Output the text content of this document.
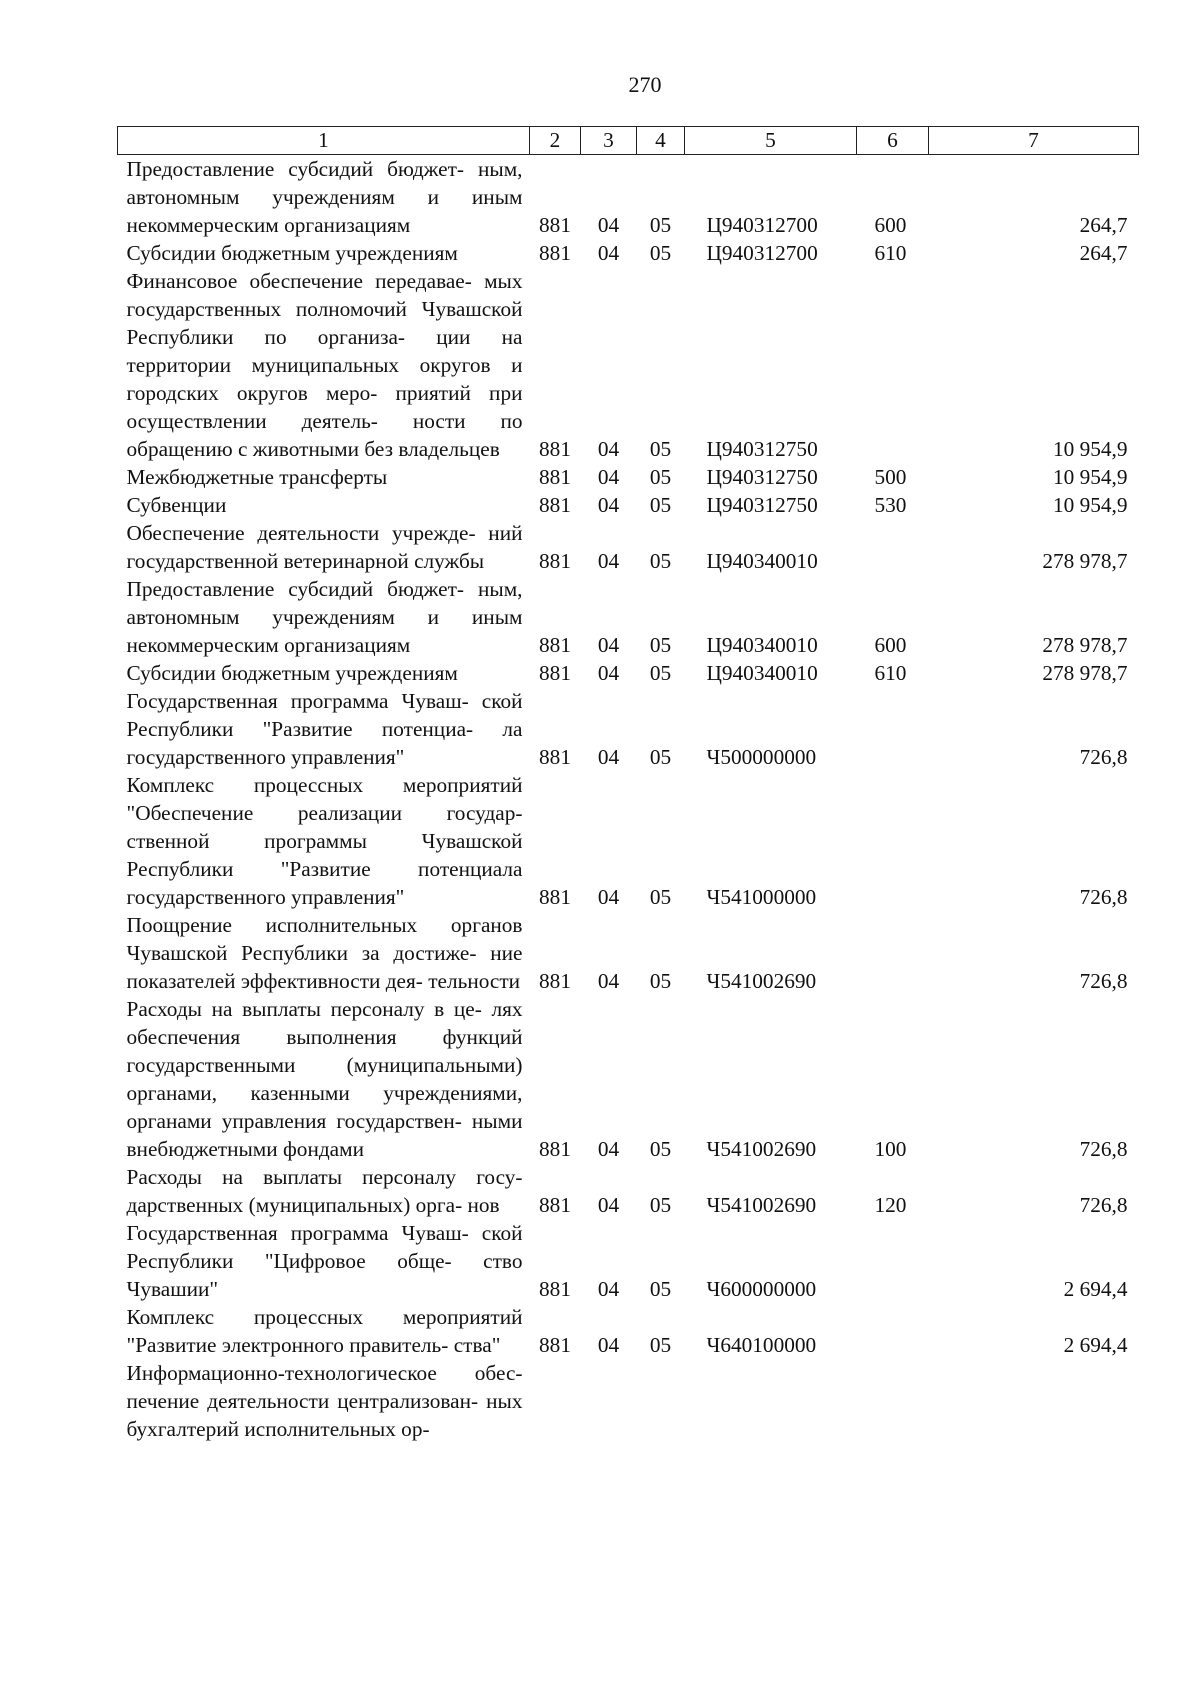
270
1	2	3	4	5	6	7
Предоставление субсидий бюджет- ным, автономным учреждениям и иным некоммерческим организациям	881	04	05	Ц940312700	600	264,7
Субсидии бюджетным учреждениям	881	04	05	Ц940312700	610	264,7
Финансовое обеспечение передавае- мых государственных полномочий Чувашской Республики по организа- ции на территории муниципальных округов и городских округов меро- приятий при осуществлении деятель- ности по обращению с животными без владельцев	881	04	05	Ц940312750		10 954,9
Межбюджетные трансферты	881	04	05	Ц940312750	500	10 954,9
Субвенции	881	04	05	Ц940312750	530	10 954,9
Обеспечение деятельности учрежде- ний государственной ветеринарной службы	881	04	05	Ц940340010		278 978,7
Предоставление субсидий бюджет- ным, автономным учреждениям и иным некоммерческим организациям	881	04	05	Ц940340010	600	278 978,7
Субсидии бюджетным учреждениям	881	04	05	Ц940340010	610	278 978,7
Государственная программа Чуваш- ской Республики "Развитие потенциа- ла государственного управления"	881	04	05	Ч500000000		726,8
Комплекс процессных мероприятий "Обеспечение реализации государ- ственной программы Чувашской Республики "Развитие потенциала государственного управления"	881	04	05	Ч541000000		726,8
Поощрение исполнительных органов Чувашской Республики за достиже- ние показателей эффективности дея- тельности	881	04	05	Ч541002690		726,8
Расходы на выплаты персоналу в це- лях обеспечения выполнения функций государственными (муниципальными) органами, казенными учреждениями, органами управления государствен- ными внебюджетными фондами	881	04	05	Ч541002690	100	726,8
Расходы на выплаты персоналу госу- дарственных (муниципальных) орга- нов	881	04	05	Ч541002690	120	726,8
Государственная программа Чуваш- ской Республики "Цифровое обще- ство Чувашии"	881	04	05	Ч600000000		2 694,4
Комплекс процессных мероприятий "Развитие электронного правитель- ства"	881	04	05	Ч640100000		2 694,4
Информационно-технологическое обес- печение деятельности централизован- ных бухгалтерий исполнительных ор-						
